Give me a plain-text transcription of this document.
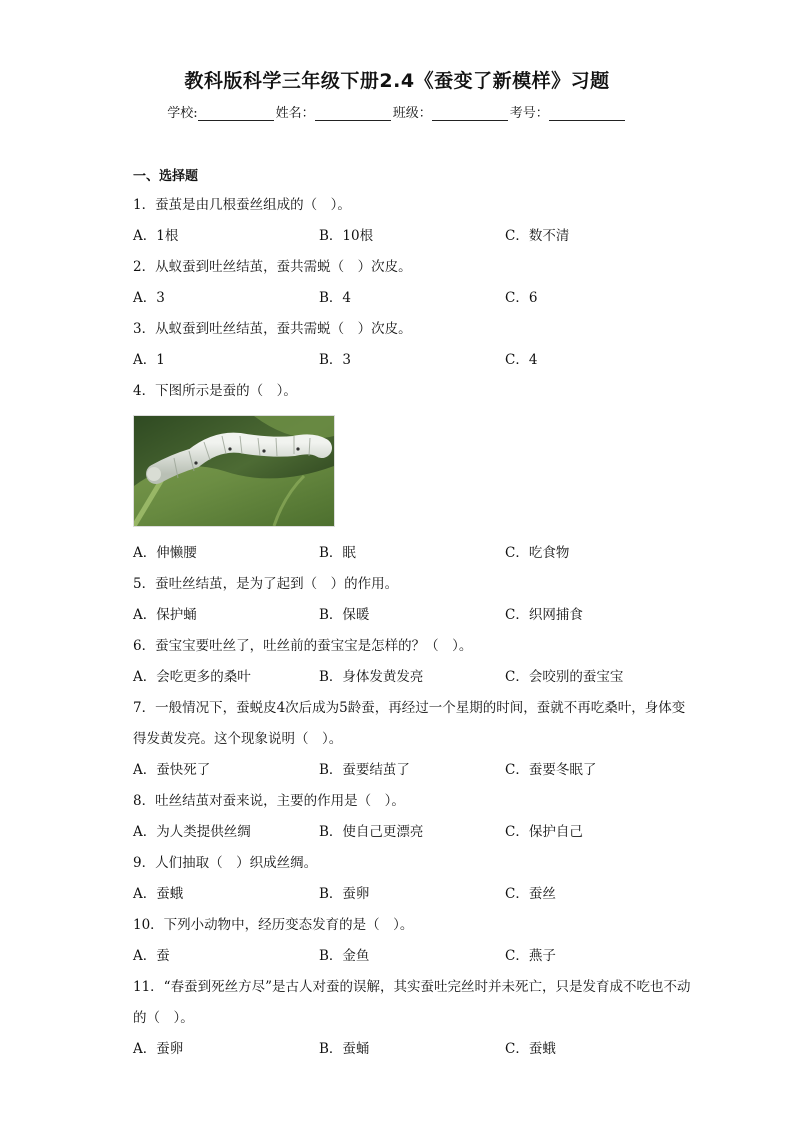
教科版科学三年级下册2.4《蚕变了新模样》习题
学校:	姓名：	班级：	考号：
一、选择题

1．蚕茧是由几根蚕丝组成的（　）。

A．1根	B．10根	C．数不清

2．从蚁蚕到吐丝结茧，蚕共需蜕（　）次皮。

A．3	B．4	C．6

3．从蚁蚕到吐丝结茧，蚕共需蜕（　）次皮。

A．1	B．3	C．4

4．下图所示是蚕的（　）。

A．伸懒腰	B．眠	C．吃食物

5．蚕吐丝结茧，是为了起到（　）的作用。

A．保护蛹	B．保暖	C．织网捕食

6．蚕宝宝要吐丝了，吐丝前的蚕宝宝是怎样的？（　）。

A．会吃更多的桑叶	B．身体发黄发亮	C．会咬别的蚕宝宝

7．一般情况下，蚕蜕皮4次后成为5龄蚕，再经过一个星期的时间，蚕就不再吃桑叶，身体变得发黄发亮。这个现象说明（　）。

A．蚕快死了	B．蚕要结茧了	C．蚕要冬眠了

8．吐丝结茧对蚕来说，主要的作用是（　）。

A．为人类提供丝绸	B．使自己更漂亮	C．保护自己

9．人们抽取（　）织成丝绸。

A．蚕蛾	B．蚕卵	C．蚕丝

10．下列小动物中，经历变态发育的是（　）。

A．蚕	B．金鱼	C．燕子

11．“春蚕到死丝方尽”是古人对蚕的误解，其实蚕吐完丝时并未死亡，只是发育成不吃也不动的（　）。

A．蚕卵	B．蚕蛹	C．蚕蛾
